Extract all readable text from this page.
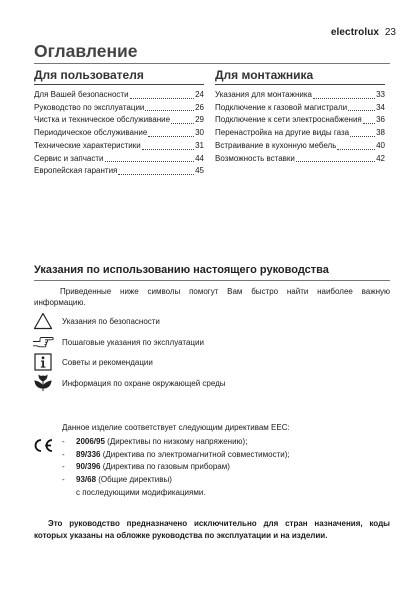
electrolux 23
Оглавление
Для пользователя
Для Вашей безопасности	24
Руководство по эксплуатации	26
Чистка и техническое обслуживание	29
Периодическое обслуживание	30
Технические характеристики	31
Сервис и запчасти	44
Европейская гарантия	45
Для монтажника
Указания для монтажника	33
Подключение к газовой магистрали	34
Подключение к сети электроснабжения 36
Перенастройка на другие виды газа	38
Встраивание в кухонную мебель	40
Возможность вставки	42
Указания по использованию настоящего руководства

Приведенные ниже символы помогут Вам быстро найти наиболее важную информацию.

Указания по безопасности
Пошаговые указания по эксплуатации
Советы и рекомендации
Информация по охране окружающей среды
Данное изделие соответствует следующим директивам ЕЕС:
-	2006/95
(Директивы по низкому напряжению);
-	89/336
(Директива по электромагнитной совместимости);
-	90/396
(Директива по газовым приборам)
-	93/68
(Общие директивы)
с последующими модификациями.

Это руководство предназначено исключительно для стран назначения, коды которых указаны на обложке руководства по эксплуатации и на изделии.
